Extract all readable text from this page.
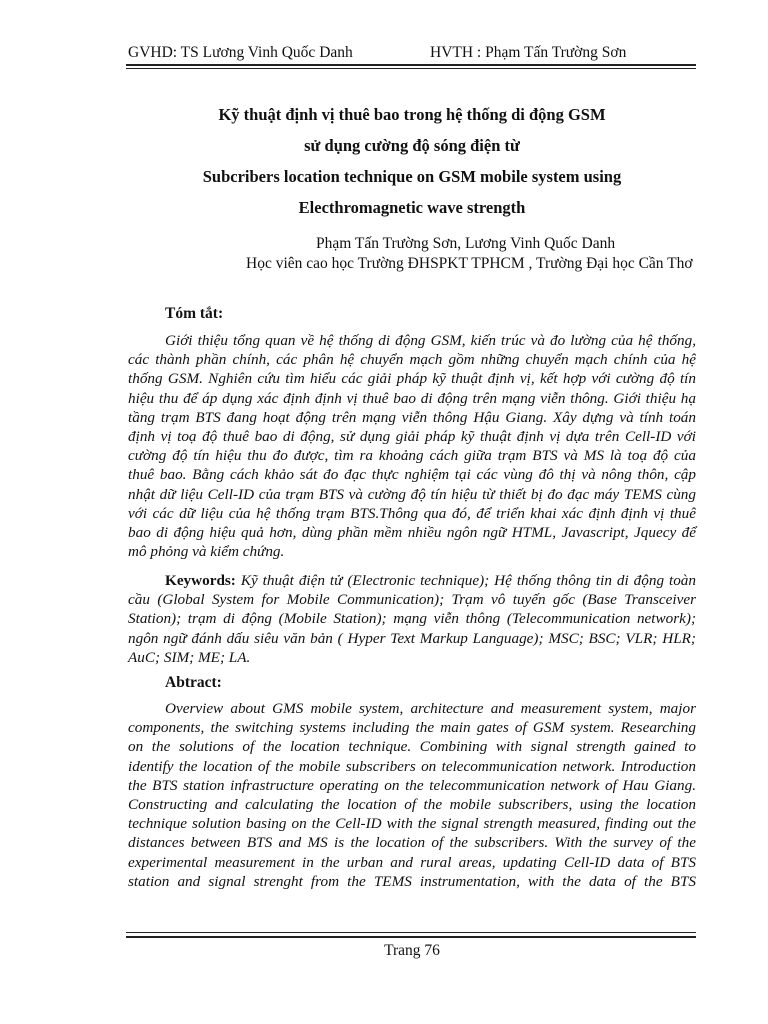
GVHD: TS Lương Vinh Quốc Danh	HVTH : Phạm Tấn Trường Sơn
Kỹ thuật định vị thuê bao trong hệ thống di động GSM
sử dụng cường độ sóng điện từ
Subcribers location technique on GSM mobile system using
Electhromagnetic wave strength
Phạm Tấn Trường Sơn, Lương Vinh Quốc Danh
Học viên cao học Trường ĐHSPKT TPHCM , Trường Đại học Cần Thơ
Tóm tắt:
Giới thiệu tổng quan về hệ thống di động GSM, kiến trúc và đo lường của hệ thống,
các thành phần chính, các phân hệ chuyển mạch gồm những chuyển mạch chính của hệ
thống GSM. Nghiên cứu tìm hiểu các giải pháp kỹ thuật định vị, kết hợp với cường độ tín
hiệu thu để áp dụng xác định định vị thuê bao di động trên mạng viễn thông. Giới thiệu hạ
tầng trạm BTS đang hoạt động trên mạng viễn thông Hậu Giang. Xây dựng và tính toán
định vị toạ độ thuê bao di động, sử dụng giải pháp kỹ thuật định vị dựa trên Cell-ID với
cường độ tín hiệu thu đo được, tìm ra khoảng cách giữa trạm BTS và MS là toạ độ của
thuê bao. Bằng cách khảo sát đo đạc thực nghiệm tại các vùng đô thị và nông thôn, cập
nhật dữ liệu Cell-ID của trạm BTS và cường độ tín hiệu từ thiết bị đo đạc máy TEMS cùng
với các dữ liệu của hệ thống trạm BTS.Thông qua đó, để triển khai xác định định vị thuê
bao di động hiệu quả hơn, dùng phần mềm nhiều ngôn ngữ HTML, Javascript, Jquecy để
mô phỏng và kiểm chứng.
Keywords: Kỹ thuật điện tử (Electronic technique); Hệ thống thông tin di động toàn
cầu (Global System for Mobile Communication); Trạm vô tuyến gốc (Base Transceiver
Station); trạm di động (Mobile Station); mạng viễn thông (Telecommunication network);
ngôn ngữ đánh dấu siêu văn bản ( Hyper Text Markup Language); MSC; BSC; VLR; HLR;
AuC; SIM; ME; LA.
Abtract:
Overview about GMS mobile system, architecture and measurement system, major
components, the switching systems including the main gates of GSM system. Researching
on the solutions of the location technique. Combining with signal strength gained to
identify the location of the mobile subscribers on telecommunication network. Introduction
the BTS station infrastructure operating on the telecommunication network of Hau Giang.
Constructing and calculating the location of the mobile subscribers, using the location
technique solution basing on the Cell-ID with the signal strength measured, finding out the
distances between BTS and MS is the location of the subscribers. With the survey of the
experimental measurement in the urban and rural areas, updating Cell-ID data of BTS
station and signal strenght from the TEMS instrumentation, with the data of the BTS
Trang 76
